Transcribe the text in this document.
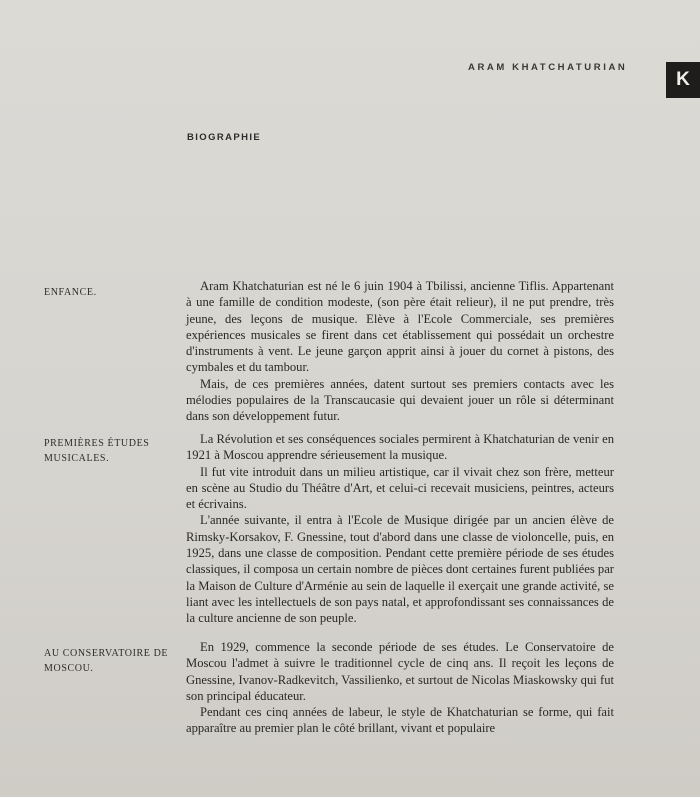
ARAM KHATCHATURIAN
K
BIOGRAPHIE
ENFANCE.	Aram Khatchaturian est né le 6 juin 1904 à Tbilissi, ancienne Tiflis. Appartenant à une famille de condition modeste, (son père était relieur), il ne put prendre, très jeune, des leçons de musique. Elève à l'Ecole Commerciale, ses premières expériences musicales se firent dans cet établissement qui possédait un orchestre d'instruments à vent. Le jeune garçon apprit ainsi à jouer du cornet à pistons, des cymbales et du tambour.

Mais, de ces premières années, datent surtout ses premiers contacts avec les mélodies populaires de la Transcaucasie qui devaient jouer un rôle si déterminant dans son développement futur.

PREMIÈRES ÉTUDES MUSICALES.

La Révolution et ses conséquences sociales permirent à Khatchaturian de venir en 1921 à Moscou apprendre sérieusement la musique.

Il fut vite introduit dans un milieu artistique, car il vivait chez son frère, metteur en scène au Studio du Théâtre d'Art, et celui-ci recevait musiciens, peintres, acteurs et écrivains.

L'année suivante, il entra à l'Ecole de Musique dirigée par un ancien élève de Rimsky-Korsakov, F. Gnessine, tout d'abord dans une classe de violoncelle, puis, en 1925, dans une classe de composition. Pendant cette première période de ses études classiques, il composa un certain nombre de pièces dont certaines furent publiées par la Maison de Culture d'Arménie au sein de laquelle il exerçait une grande activité, se liant avec les intellectuels de son pays natal, et approfondissant ses connaissances de la culture ancienne de son peuple.

AU CONSERVATOIRE DE MOSCOU.

En 1929, commence la seconde période de ses études. Le Conservatoire de Moscou l'admet à suivre le traditionnel cycle de cinq ans. Il reçoit les leçons de Gnessine, Ivanov-Radkevitch, Vassilienko, et surtout de Nicolas Miaskowsky qui fut son principal éducateur.

Pendant ces cinq années de labeur, le style de Khatchaturian se forme, qui fait apparaître au premier plan le côté brillant, vivant et populaire
